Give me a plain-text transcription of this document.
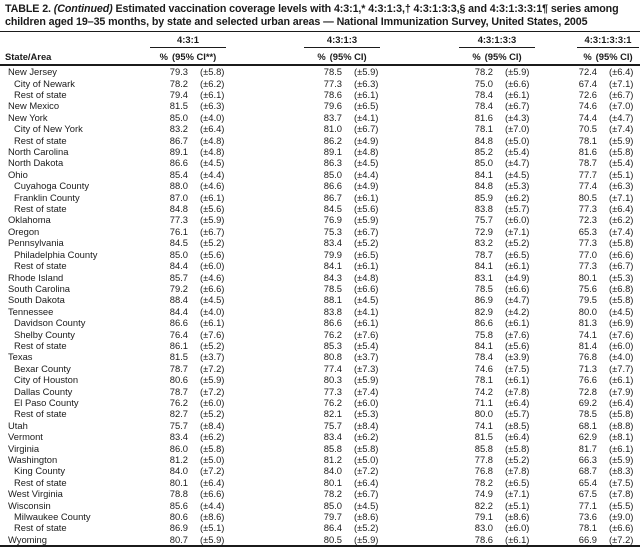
TABLE 2. (Continued) Estimated vaccination coverage levels with 4:3:1,* 4:3:1:3,† 4:3:1:3:3,§ and 4:3:1:3:3:1¶ series among children aged 19–35 months, by state and selected urban areas — National Immunization Survey, United States, 2005

	4:3:1		4:3:1:3		4:3:1:3:3		4:3:1:3:3:1	

State/Area	% (95% CI**)		% (95% CI)		% (95% CI)		% (95% CI)	

New Jersey	79.3	(±5.8)	78.5	(±5.9)	78.2	(±5.9)	72.4	(±6.4)
City of Newark	78.2	(±6.2)	77.3	(±6.3)	75.0	(±6.6)	67.4	(±7.1)
Rest of state	79.4	(±6.1)	78.6	(±6.1)	78.4	(±6.1)	72.6	(±6.7)
New Mexico	81.5	(±6.3)	79.6	(±6.5)	78.4	(±6.7)	74.6	(±7.0)
New York	85.0	(±4.0)	83.7	(±4.1)	81.6	(±4.3)	74.4	(±4.7)
City of New York	83.2	(±6.4)	81.0	(±6.7)	78.1	(±7.0)	70.5	(±7.4)
Rest of state	86.7	(±4.8)	86.2	(±4.9)	84.8	(±5.0)	78.1	(±5.9)
North Carolina	89.1	(±4.8)	89.1	(±4.8)	85.2	(±5.4)	81.6	(±5.8)
North Dakota	86.6	(±4.5)	86.3	(±4.5)	85.0	(±4.7)	78.7	(±5.4)
Ohio	85.4	(±4.4)	85.0	(±4.4)	84.1	(±4.5)	77.7	(±5.1)
Cuyahoga County	88.0	(±4.6)	86.6	(±4.9)	84.8	(±5.3)	77.4	(±6.3)
Franklin County	87.0	(±6.1)	86.7	(±6.1)	85.9	(±6.2)	80.5	(±7.1)
Rest of state	84.8	(±5.6)	84.5	(±5.6)	83.8	(±5.7)	77.3	(±6.4)
Oklahoma	77.3	(±5.9)	76.9	(±5.9)	75.7	(±6.0)	72.3	(±6.2)
Oregon	76.1	(±6.7)	75.3	(±6.7)	72.9	(±7.1)	65.3	(±7.4)
Pennsylvania	84.5	(±5.2)	83.4	(±5.2)	83.2	(±5.2)	77.3	(±5.8)
Philadelphia County	85.0	(±5.6)	79.9	(±6.5)	78.7	(±6.5)	77.0	(±6.6)
Rest of state	84.4	(±6.0)	84.1	(±6.1)	84.1	(±6.1)	77.3	(±6.7)
Rhode Island	85.7	(±4.6)	84.3	(±4.8)	83.1	(±4.9)	80.1	(±5.3)
South Carolina	79.2	(±6.6)	78.5	(±6.6)	78.5	(±6.6)	75.6	(±6.8)
South Dakota	88.4	(±4.5)	88.1	(±4.5)	86.9	(±4.7)	79.5	(±5.8)
Tennessee	84.4	(±4.0)	83.8	(±4.1)	82.9	(±4.2)	80.0	(±4.5)
Davidson County	86.6	(±6.1)	86.6	(±6.1)	86.6	(±6.1)	81.3	(±6.9)
Shelby County	76.4	(±7.6)	76.2	(±7.6)	75.8	(±7.6)	74.1	(±7.6)
Rest of state	86.1	(±5.2)	85.3	(±5.4)	84.1	(±5.6)	81.4	(±6.0)
Texas	81.5	(±3.7)	80.8	(±3.7)	78.4	(±3.9)	76.8	(±4.0)
Bexar County	78.7	(±7.2)	77.4	(±7.3)	74.6	(±7.5)	71.3	(±7.7)
City of Houston	80.6	(±5.9)	80.3	(±5.9)	78.1	(±6.1)	76.6	(±6.1)
Dallas County	78.7	(±7.2)	77.3	(±7.4)	74.2	(±7.8)	72.8	(±7.9)
El Paso County	76.2	(±6.0)	76.2	(±6.0)	71.1	(±6.4)	69.2	(±6.4)
Rest of state	82.7	(±5.2)	82.1	(±5.3)	80.0	(±5.7)	78.5	(±5.8)
Utah	75.7	(±8.4)	75.7	(±8.4)	74.1	(±8.5)	68.1	(±8.8)
Vermont	83.4	(±6.2)	83.4	(±6.2)	81.5	(±6.4)	62.9	(±8.1)
Virginia	86.0	(±5.8)	85.8	(±5.8)	85.8	(±5.8)	81.7	(±6.1)
Washington	81.2	(±5.0)	81.2	(±5.0)	77.8	(±5.2)	66.3	(±5.9)
King County	84.0	(±7.2)	84.0	(±7.2)	76.8	(±7.8)	68.7	(±8.3)
Rest of state	80.1	(±6.4)	80.1	(±6.4)	78.2	(±6.5)	65.4	(±7.5)
West Virginia	78.8	(±6.6)	78.2	(±6.7)	74.9	(±7.1)	67.5	(±7.8)
Wisconsin	85.6	(±4.4)	85.0	(±4.5)	82.2	(±5.1)	77.1	(±5.5)
Milwaukee County	80.6	(±8.6)	79.7	(±8.6)	79.1	(±8.6)	73.6	(±9.0)
Rest of state	86.9	(±5.1)	86.4	(±5.2)	83.0	(±6.0)	78.1	(±6.6)
Wyoming	80.7	(±5.9)	80.5	(±5.9)	78.6	(±6.1)	66.9	(±7.2)
